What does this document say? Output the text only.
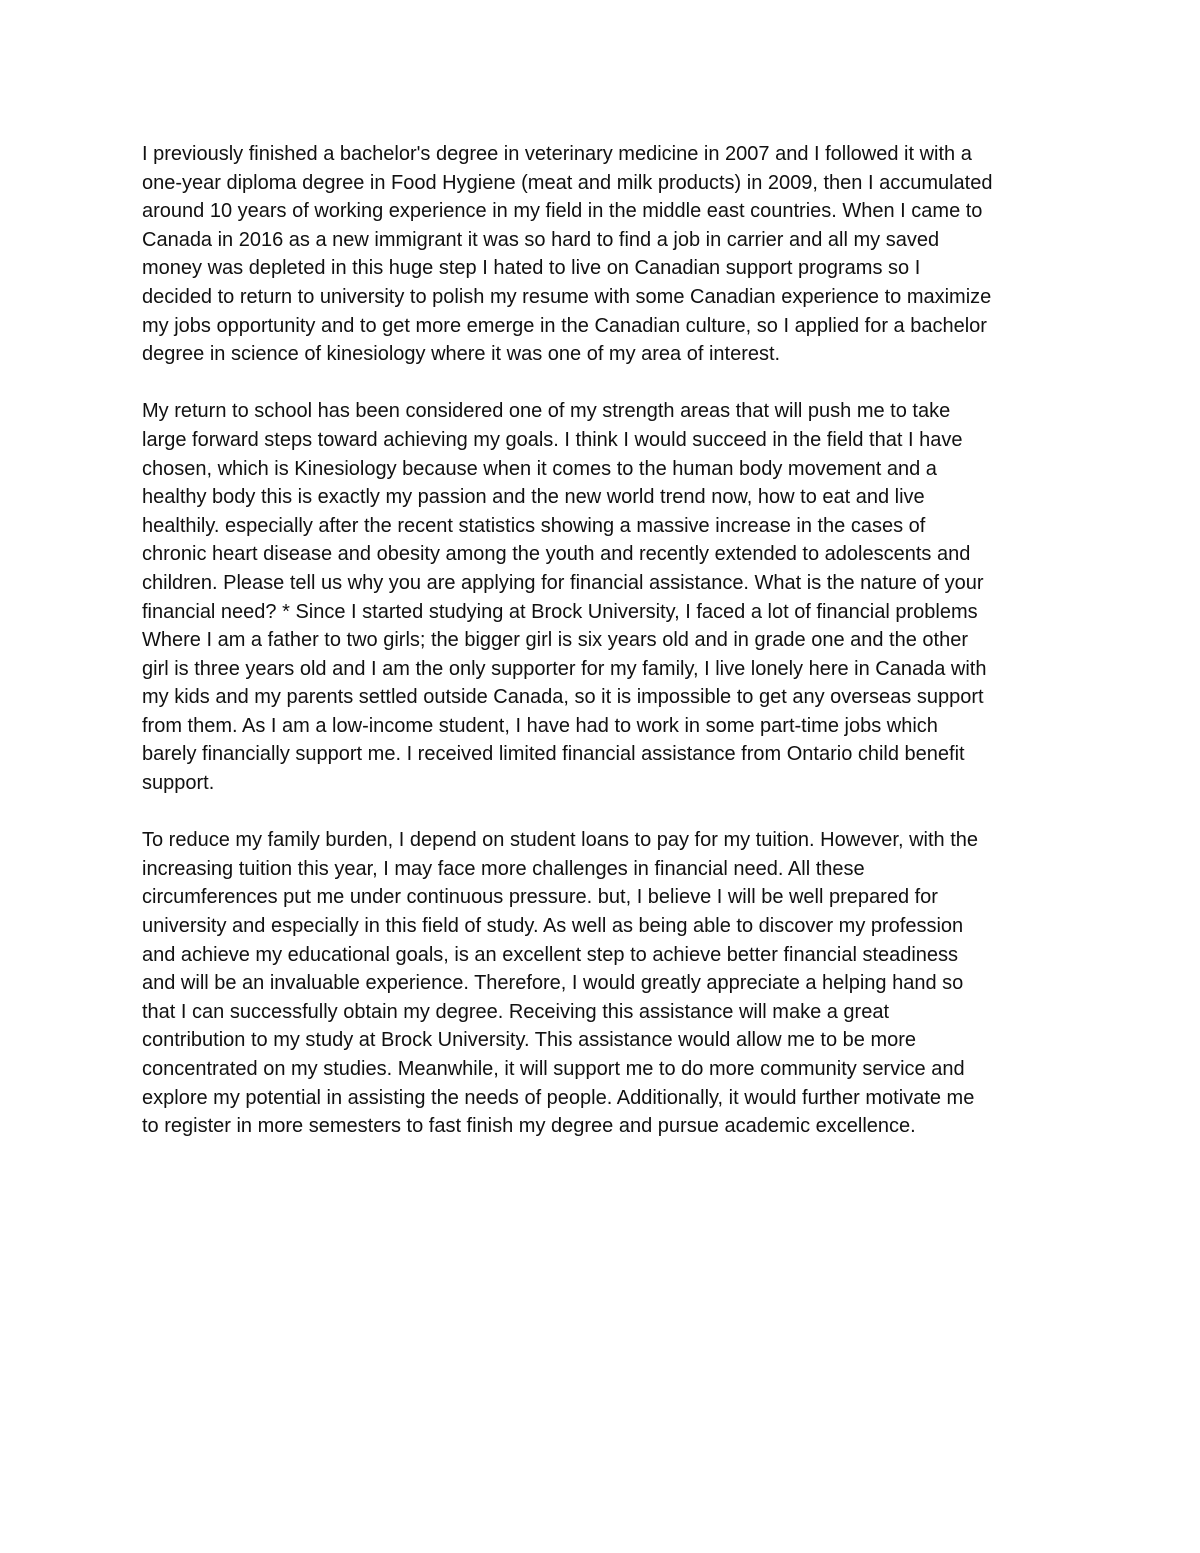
I previously finished a bachelor's degree in veterinary medicine in 2007 and I followed it with a
one-year diploma degree in Food Hygiene (meat and milk products) in 2009, then I accumulated
around 10 years of working experience in my field in the middle east countries. When I came to
Canada in 2016 as a new immigrant it was so hard to find a job in carrier and all my saved
money was depleted in this huge step I hated to live on Canadian support programs so I
decided to return to university to polish my resume with some Canadian experience to maximize
my jobs opportunity and to get more emerge in the Canadian culture, so I applied for a bachelor
degree in science of kinesiology where it was one of my area of interest.
My return to school has been considered one of my strength areas that will push me to take
large forward steps toward achieving my goals. I think I would succeed in the field that I have
chosen, which is Kinesiology because when it comes to the human body movement and a
healthy body this is exactly my passion and the new world trend now, how to eat and live
healthily. especially after the recent statistics showing a massive increase in the cases of
chronic heart disease and obesity among the youth and recently extended to adolescents and
children. Please tell us why you are applying for financial assistance. What is the nature of your
financial need? * Since I started studying at Brock University, I faced a lot of financial problems
Where I am a father to two girls; the bigger girl is six years old and in grade one and the other
girl is three years old and I am the only supporter for my family, I live lonely here in Canada with
my kids and my parents settled outside Canada, so it is impossible to get any overseas support
from them. As I am a low-income student, I have had to work in some part-time jobs which
barely financially support me. I received limited financial assistance from Ontario child benefit
support.
To reduce my family burden, I depend on student loans to pay for my tuition. However, with the
increasing tuition this year, I may face more challenges in financial need. All these
circumferences put me under continuous pressure. but, I believe I will be well prepared for
university and especially in this field of study. As well as being able to discover my profession
and achieve my educational goals, is an excellent step to achieve better financial steadiness
and will be an invaluable experience. Therefore, I would greatly appreciate a helping hand so
that I can successfully obtain my degree. Receiving this assistance will make a great
contribution to my study at Brock University. This assistance would allow me to be more
concentrated on my studies. Meanwhile, it will support me to do more community service and
explore my potential in assisting the needs of people. Additionally, it would further motivate me
to register in more semesters to fast finish my degree and pursue academic excellence.
